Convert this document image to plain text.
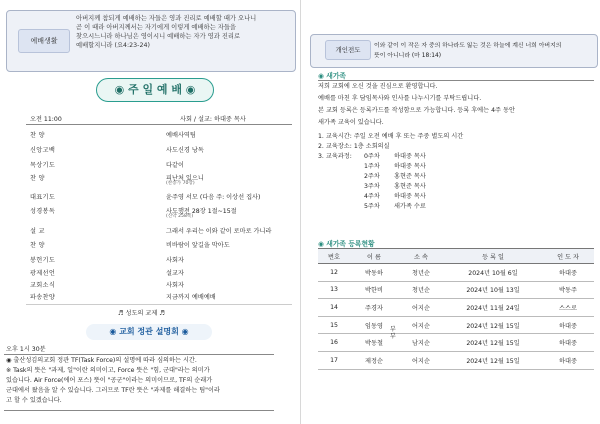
예배생활
아버지께 참되게 예배하는 자들은 영과 진리로 예배할 때가 오나니
곧 이 때라 아버지께서는 자기에게 이렇게 예배하는 자들을
찾으시느니라 하나님은 영이시니 예배하는 자가 영과 진리로
예배할지니라 (요4:23-24)
◉ 주 일 예 배 ◉
오전 11:00	사회 / 설교: 하대중 목사
찬 양	예배사역팀
신앙고백	사도신경 낭독
목상기도	다같이
찬 양	피난처 있으니
(찬송가 70장)
대표기도	윤주영 서모 (다음 주: 이상선 집사)
성경봉독	사도행전 28장 1절~15절
(신약 258쪽)
설 교	그래서 우리는 이와 같이 로마로 가니라
찬 양	비바람이 앞길을 막아도
봉헌기도	사회자
광제선언	설교자
교회소식	사회자
파송찬양	지금까지 예배예배
♬ 성도의 교제 ♬
◉ 교회 정관 설명회 ◉
오후 1시 30분
◉ 출산성김의교회 정관 TF(Task Force)의 설명에 따라 심의하는 시간.
※ Task의 뜻은 "과제, 일"이란 의미이고, Force 뜻은 "힘, 군대"라는 의미가
있습니다. Air Force(에어 포스) 뜻이 "공군"이라는 의미이므로, TF의 순래가
군대에서 왔음을 알 수 있습니다. 그러므로 TF란 뜻은 "과제를 해결하는 팀"이라
고 할 수 있겠습니다.
개인전도	이와 같이 이 작은 자 중의 하나라도 잃는 것은 하늘에 계신 너희 아버지의
뜻이 아니니라 (마 18:14)
◉ 새가족
저희 교회에 오신 것을 진심으로 환영합니다.
예배를 마친 후 담임목사와 인사를 나누시기를 부탁드립니다.
본 교회 등록은 등록카드를 작성함으로 가능합니다. 등록 후에는 4주 동안
새가족 교육이 있습니다.
1. 교육시간: 주일 오전 예배 후 또는 주중 별도의 시간
2. 교육장소: 1층 소회의실
3. 교육과정: 0주차 하대중 목사
1주차 하대중 목사
2주차 홍현준 목사
3주차 홍현준 목사
4주차 하대중 목사
5주차 새가족 수료
◉ 새가족 등록현황
번호	이 름	소 속	등 록 일	인 도 자
12	박동하	청년순	2024년 10월 6일	하대중
13	박한비	청년순	2024년 10월 13일	박동주
14	주경자	어지순	2024년 11월 24일	스스로
15	임동영	어지순	2024년 12월 15일	하대중
16	박동철	남지순	2024년 12월 15일	하대중
17	제정순	어지순	2024년 12월 15일	하대중
부부
